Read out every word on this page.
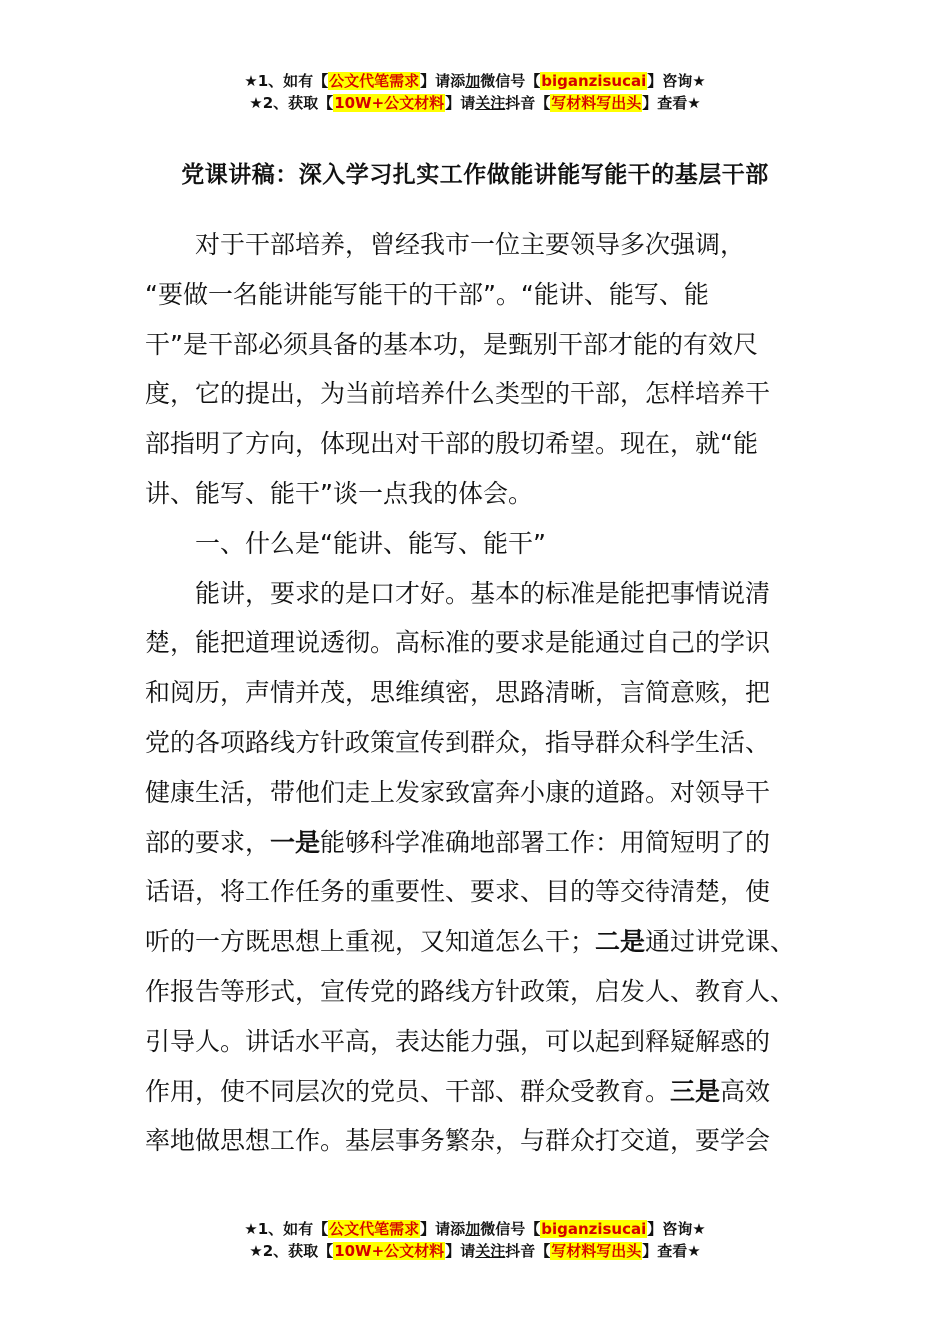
★1、如有【公文代笔需求】请添加微信号【biganzisucai】咨询★
★2、获取【10W+公文材料】请关注抖音【写材料写出头】查看★
党课讲稿：深入学习扎实工作做能讲能写能干的基层干部
　　对于干部培养，曾经我市一位主要领导多次强调，
“要做一名能讲能写能干的干部”。“能讲、能写、能
干”是干部必须具备的基本功，是甄别干部才能的有效尺
度，它的提出，为当前培养什么类型的干部，怎样培养干
部指明了方向，体现出对干部的殷切希望。现在，就“能
讲、能写、能干”谈一点我的体会。
　　一、什么是“能讲、能写、能干”
　　能讲，要求的是口才好。基本的标准是能把事情说清
楚，能把道理说透彻。高标准的要求是能通过自己的学识
和阅历，声情并茂，思维缜密，思路清晰，言简意赅，把
党的各项路线方针政策宣传到群众，指导群众科学生活、
健康生活，带他们走上发家致富奔小康的道路。对领导干
部的要求，一是能够科学准确地部署工作：用简短明了的
话语，将工作任务的重要性、要求、目的等交待清楚，使
听的一方既思想上重视，又知道怎么干；二是通过讲党课、
作报告等形式，宣传党的路线方针政策，启发人、教育人、
引导人。讲话水平高，表达能力强，可以起到释疑解惑的
作用，使不同层次的党员、干部、群众受教育。三是高效
率地做思想工作。基层事务繁杂，与群众打交道，要学会
★1、如有【公文代笔需求】请添加微信号【biganzisucai】咨询★
★2、获取【10W+公文材料】请关注抖音【写材料写出头】查看★
